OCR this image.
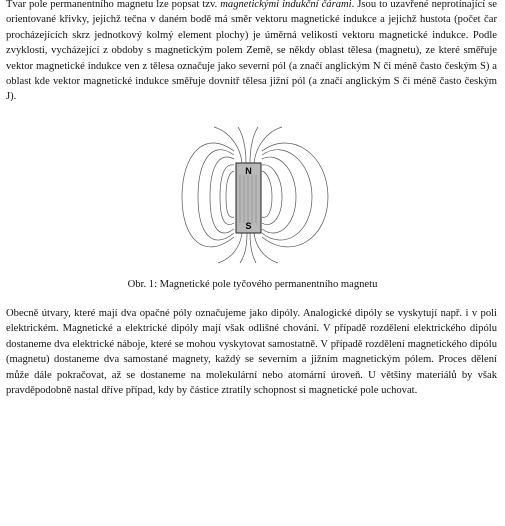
Tvar pole permanentního magnetu lze popsat tzv. magnetickými indukční čárami. Jsou to uzavřené neprotínající se orientované křivky, jejichž tečna v daném bodě má směr vektoru magnetické indukce a jejichž hustota (počet čar procházejících skrz jednotkový kolmý element plochy) je úměrná velikosti vektoru magnetické indukce. Podle zvyklosti, vycházející z obdoby s magnetickým polem Země, se někdy oblast tělesa (magnetu), ze které směřuje vektor magnetické indukce ven z tělesa označuje jako severní pól (a značí anglickým N či méně často českým S) a oblast kde vektor magnetické indukce směřuje dovnitř tělesa jižní pól (a značí anglickým S či méně často českým J).

N
S
Obr. 1: Magnetické pole tyčového permanentního magnetu

Obecně útvary, které mají dva opačné póly označujeme jako dipóly. Analogické dipóly se vyskytují např. i v poli elektrickém. Magnetické a elektrické dipóly mají však odlišné chování. V případě rozdělení elektrického dipólu dostaneme dva elektrické náboje, které se mohou vyskytovat samostatně. V případě rozdělení magnetického dipólu (magnetu) dostaneme dva samostané magnety, každý se severním a jižním magnetickým pólem. Proces dělení může dále pokračovat, až se dostaneme na molekulární nebo atomární úroveň. U většiny materiálů by však pravděpodobně nastal dříve případ, kdy by částice ztratily schopnost si magnetické pole uchovat.
